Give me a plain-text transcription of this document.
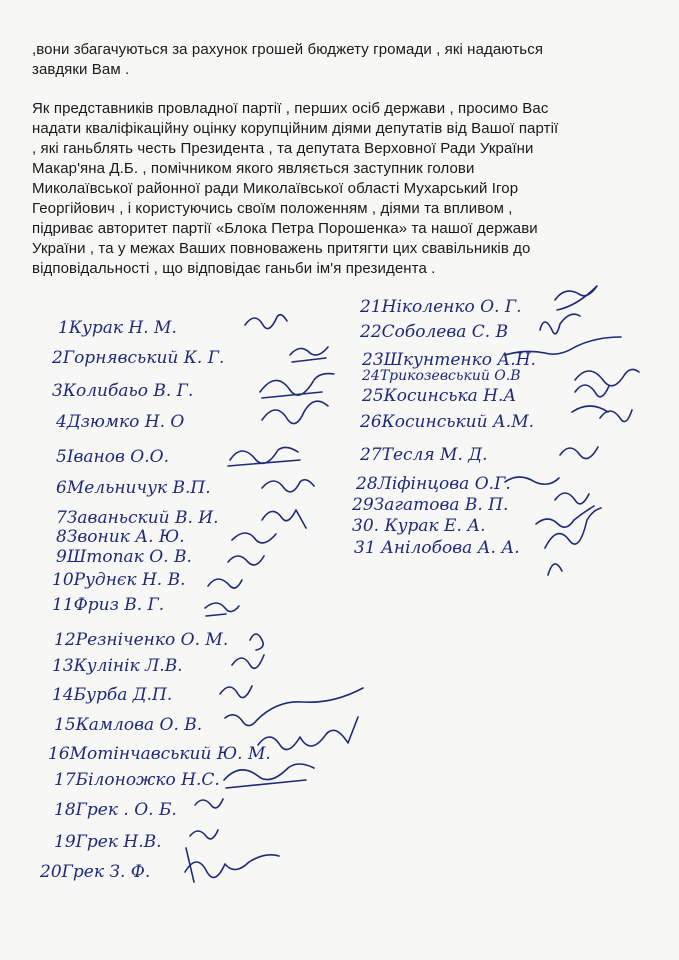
,вони збагачуються за рахунок грошей бюджету громади , які надаються
завдяки Вам .
Як представників провладної партії , перших осіб держави , просимо Вас
надати кваліфікаційну оцінку корупційним діями депутатів від Вашої партії
, які ганьблять честь Президента , та депутата Верховної Ради України
Макар'яна Д.Б. , помічником якого являється заступник голови
Миколаївської районної ради Миколаївської області Мухарський Ігор
Георгійович , і користуючись своїм положенням , діями та впливом ,
підриває авторитет партії «Блока Петра Порошенка» та нашої держави
України , та у межах Ваших повноважень притягти цих свавільників до
відповідальності , що відповідає ганьби ім'я президента .
1Курак Н. М.
2Горнявський К. Г.
3Колибаьо В. Г.
4Дзюмко Н. О
5Іванов О.О.
6Мельничук В.П.
7Заваньский В. И.
8Звоник А. Ю.
9Штопак О. В.
10Руднєк Н. В.
11Фриз В. Г.
12Резніченко О. М.
13Кулінік Л.В.
14Бурба Д.П.
15Камлова О. В.
16Мотінчавський Ю. М.
17Білоножко Н.С.
18Грек . О. Б.
19Грек Н.В.
20Грек З. Ф.
21Ніколенко О. Г.
22Соболева С. В
23Шкунтенко А.Н.
24Трикозевський О.В
25Косинська Н.А
26Косинський А.М.
27Тесля М. Д.
28Ліфінцова О.Г.
29Загатова В. П.
30. Курак Е. А.
31 Анілобова А. А.
